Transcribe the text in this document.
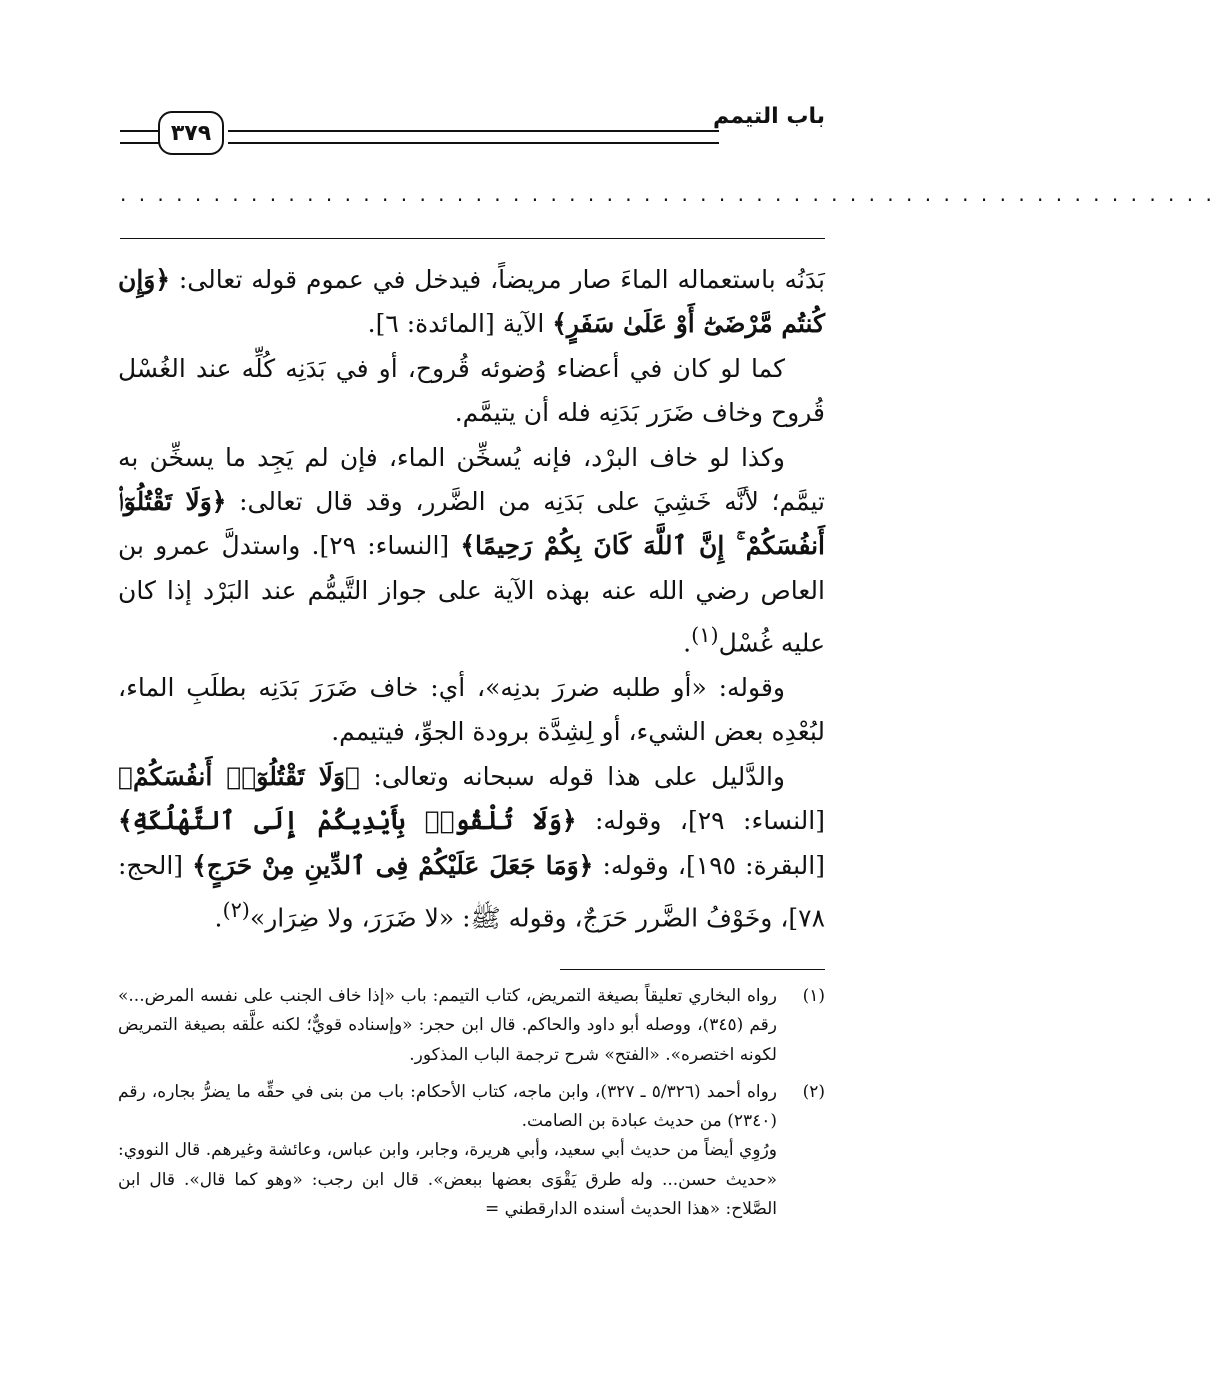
باب التيمم
٣٧٩
. . . . . . . . . . . . . . . . . . . . . . . . . . . . . . . . . . . . . . . . . . . . . . . . . . . . . . . . . . .

بَدَنُه باستعماله الماءَ صار مريضاً، فيدخل في عموم قوله تعالى: ﴿وَإِن كُنتُم مَّرْضَىٰٓ أَوْ عَلَىٰ سَفَرٍ﴾ الآية [المائدة: ٦].

كما لو كان في أعضاء وُضوئه قُروح، أو في بَدَنِه كُلِّه عند الغُسْل قُروح وخاف ضَرَر بَدَنِه فله أن يتيمَّم.

وكذا لو خاف البرْد، فإنه يُسخِّن الماء، فإن لم يَجِد ما يسخِّن به تيمَّم؛ لأنَّه خَشِيَ على بَدَنِه من الضَّرر، وقد قال تعالى: ﴿وَلَا تَقْتُلُوٓا۟ أَنفُسَكُمْ ۚ إِنَّ ٱللَّهَ كَانَ بِكُمْ رَحِيمًا﴾ [النساء: ٢٩]. واستدلَّ عمرو بن العاص رضي الله عنه بهذه الآية على جواز التَّيمُّم عند البَرْد إذا كان عليه غُسْل$^{(١)}$.

وقوله: «أو طلبه ضررَ بدنِه»، أي: خاف ضَرَرَ بَدَنِه بطلَبِ الماء، لبُعْدِه بعض الشيء، أو لِشِدَّة برودة الجوِّ، فيتيمم.

والدَّليل على هذا قوله سبحانه وتعالى: ﴿وَلَا تَقْتُلُوٓا۟ أَنفُسَكُمْ﴾ [النساء: ٢٩]، وقوله: ﴿وَلَا تُلْقُوا۟ بِأَيْدِيكُمْ إِلَى ٱلتَّهْلُكَةِ﴾ [البقرة: ١٩٥]، وقوله: ﴿وَمَا جَعَلَ عَلَيْكُمْ فِى ٱلدِّينِ مِنْ حَرَجٍ﴾ [الحج: ٧٨]، وخَوْفُ الضَّرر حَرَجٌ، وقوله ﷺ: «لا ضَرَرَ، ولا ضِرَار»$^{(٢)}$.

(١)

رواه البخاري تعليقاً بصيغة التمريض، كتاب التيمم: باب «إذا خاف الجنب على نفسه المرض...» رقم (٣٤٥)، ووصله أبو داود والحاكم. قال ابن حجر: «وإسناده قويٌّ؛ لكنه علَّقه بصيغة التمريض لكونه اختصره». «الفتح» شرح ترجمة الباب المذكور.

(٢)

رواه أحمد (٥/٣٢٦ ـ ٣٢٧)، وابن ماجه، كتاب الأحكام: باب من بنى في حقِّه ما يضرُّ بجاره، رقم (٢٣٤٠) من حديث عبادة بن الصامت.

ورُوِي أيضاً من حديث أبي سعيد، وأبي هريرة، وجابر، وابن عباس، وعائشة وغيرهم. قال النووي: «حديث حسن... وله طرق يَقْوَى بعضها ببعض». قال ابن رجب: «وهو كما قال». قال ابن الصَّلاح: «هذا الحديث أسنده الدارقطني =
